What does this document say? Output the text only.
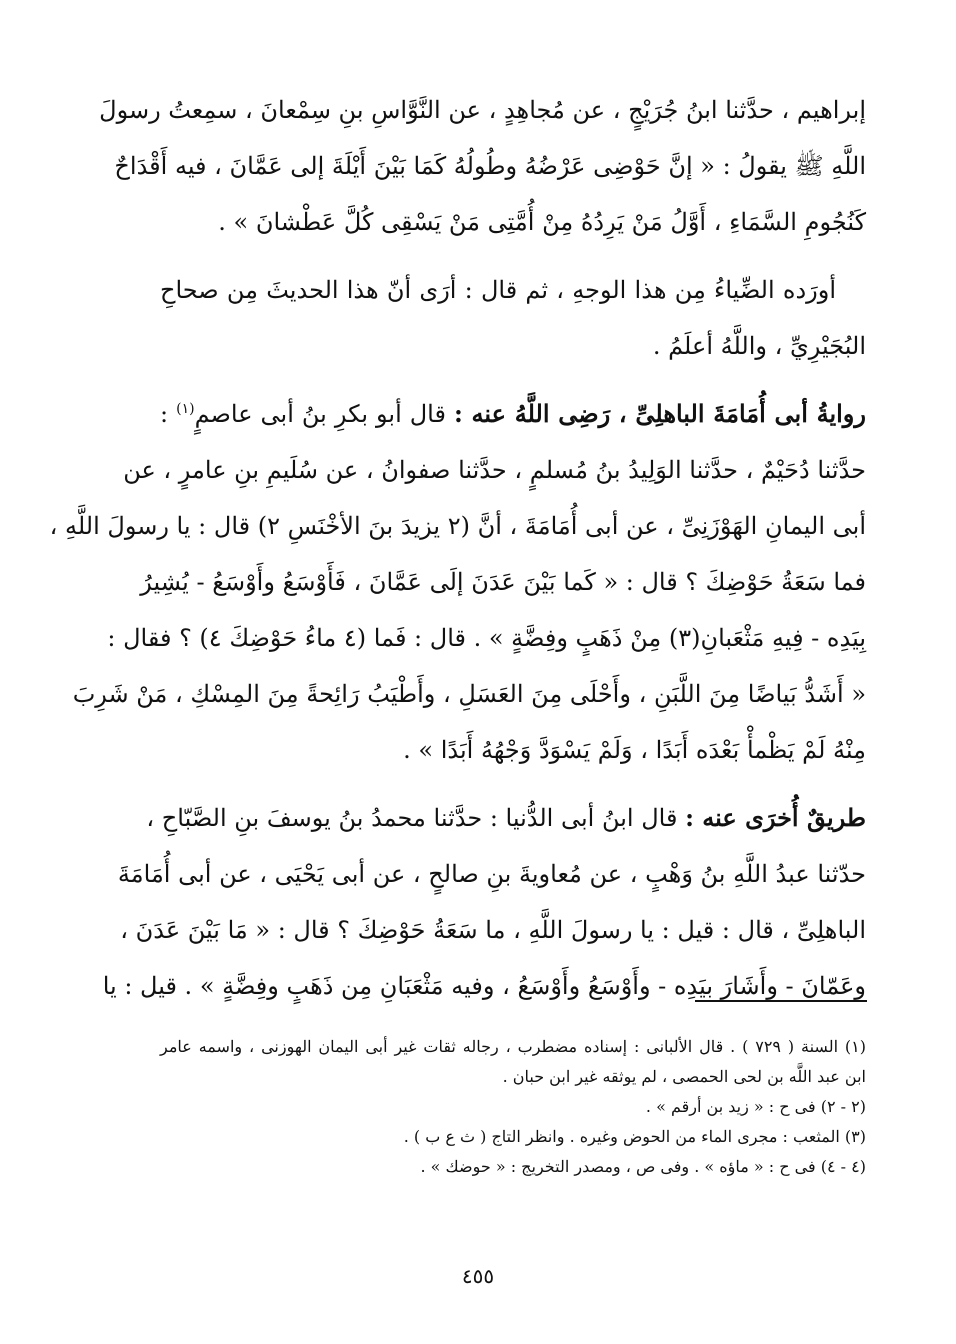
إبراهيم ، حدَّثنا ابنُ جُرَيْجٍ ، عن مُجاهِدٍ ، عن النَّوَّاسِ بنِ سِمْعانَ ، سمِعتُ رسولَ
اللَّهِ ﷺ يقولُ : « إنَّ حَوْضِى عَرْضُهُ وطُولُهُ كَمَا بَيْنَ أَيْلَةَ إلى عَمَّانَ ، فيه أَقْدَاحٌ
كَنُجُومِ السَّمَاءِ ، أَوَّلُ مَنْ يَرِدُهُ مِنْ أُمَّتِى مَنْ يَسْقِى كُلَّ عَطْشانَ » .
أورَده الضِّياءُ مِن هذا الوجهِ ، ثم قال : أرَى أنّ هذا الحديثَ مِن صحاحِ
البُجَيْرِيِّ ، واللَّهُ أعلَمُ .
روايةُ أبى أُمَامَةَ الباهلِىِّ ، رَضِى اللَّهُ عنه : قال أبو بكرِ بنُ أبى عاصمٍ$^{(١)}$ :
حدَّثنا دُحَيْمٌ ، حدَّثنا الوَلِيدُ بنُ مُسلمٍ ، حدَّثنا صفوانُ ، عن سُلَيمِ بنِ عامرٍ ، عن
أبى اليمانِ الهَوْزَنِىِّ ، عن أبى أُمَامَةَ ، أنَّ (٢ يزيدَ بنَ الأخْنَسِ ٢) قال : يا رسولَ اللَّهِ ،
فما سَعَةُ حَوْضِكَ ؟ قال : « كَما بَيْنَ عَدَنَ إلَى عَمَّانَ ، فَأَوْسَعُ وأَوْسَعُ - يُشِيرُ
بِيَدِه - فِيهِ مَثْعَبانِ(٣) مِنْ ذَهَبٍ وفِضَّةٍ » . قال : فَما (٤ ماءُ حَوْضِكَ ٤) ؟ فقال :
« أَشَدُّ بَياضًا مِنَ اللَّبَنِ ، وأَحْلَى مِنَ العَسَلِ ، وأَطْيَبُ رَائِحةً مِنَ المِسْكِ ، مَنْ شَرِبَ
مِنْهُ لَمْ يَظْمأْ بَعْدَه أَبَدًا ، وَلَمْ يَسْوَدَّ وَجْهُهُ أَبَدًا » .
طريقٌ أُخرَى عنه : قال ابنُ أبى الدُّنيا : حدَّثنا محمدُ بنُ يوسفَ بنِ الصَّبّاحِ ،
حدّثنا عبدُ اللَّهِ بنُ وَهْبٍ ، عن مُعاويةَ بنِ صالحٍ ، عن أبى يَحْيَى ، عن أبى أُمَامَةَ
الباهلِىِّ ، قال : قيل : يا رسولَ اللَّهِ ، ما سَعَةُ حَوْضِكَ ؟ قال : « مَا بَيْنَ عَدَنَ ،
وعَمّانَ - وأَشَارَ بيَدِه - وأَوْسَعُ وأَوْسَعُ ، وفيه مَثْعَبَانِ مِن ذَهَبٍ وفِضَّةٍ » . قيل : يا
(١) السنة ( ٧٢٩ ) . قال الألبانى : إسناده مضطرب ، رجاله ثقات غير أبى اليمان الهوزنى ، واسمه عامر
ابن عبد اللَّه بن لحى الحمصى ، لم يوثقه غير ابن حبان .
(٢ - ٢) فى ح : « زيد بن أرقم » .
(٣) المثعب : مجرى الماء من الحوض وغيره . وانظر التاج ( ث ع ب ) .
(٤ - ٤) فى ح : « ماؤه » . وفى ص ، ومصدر التخريج : « حوضك » .
٤٥٥
